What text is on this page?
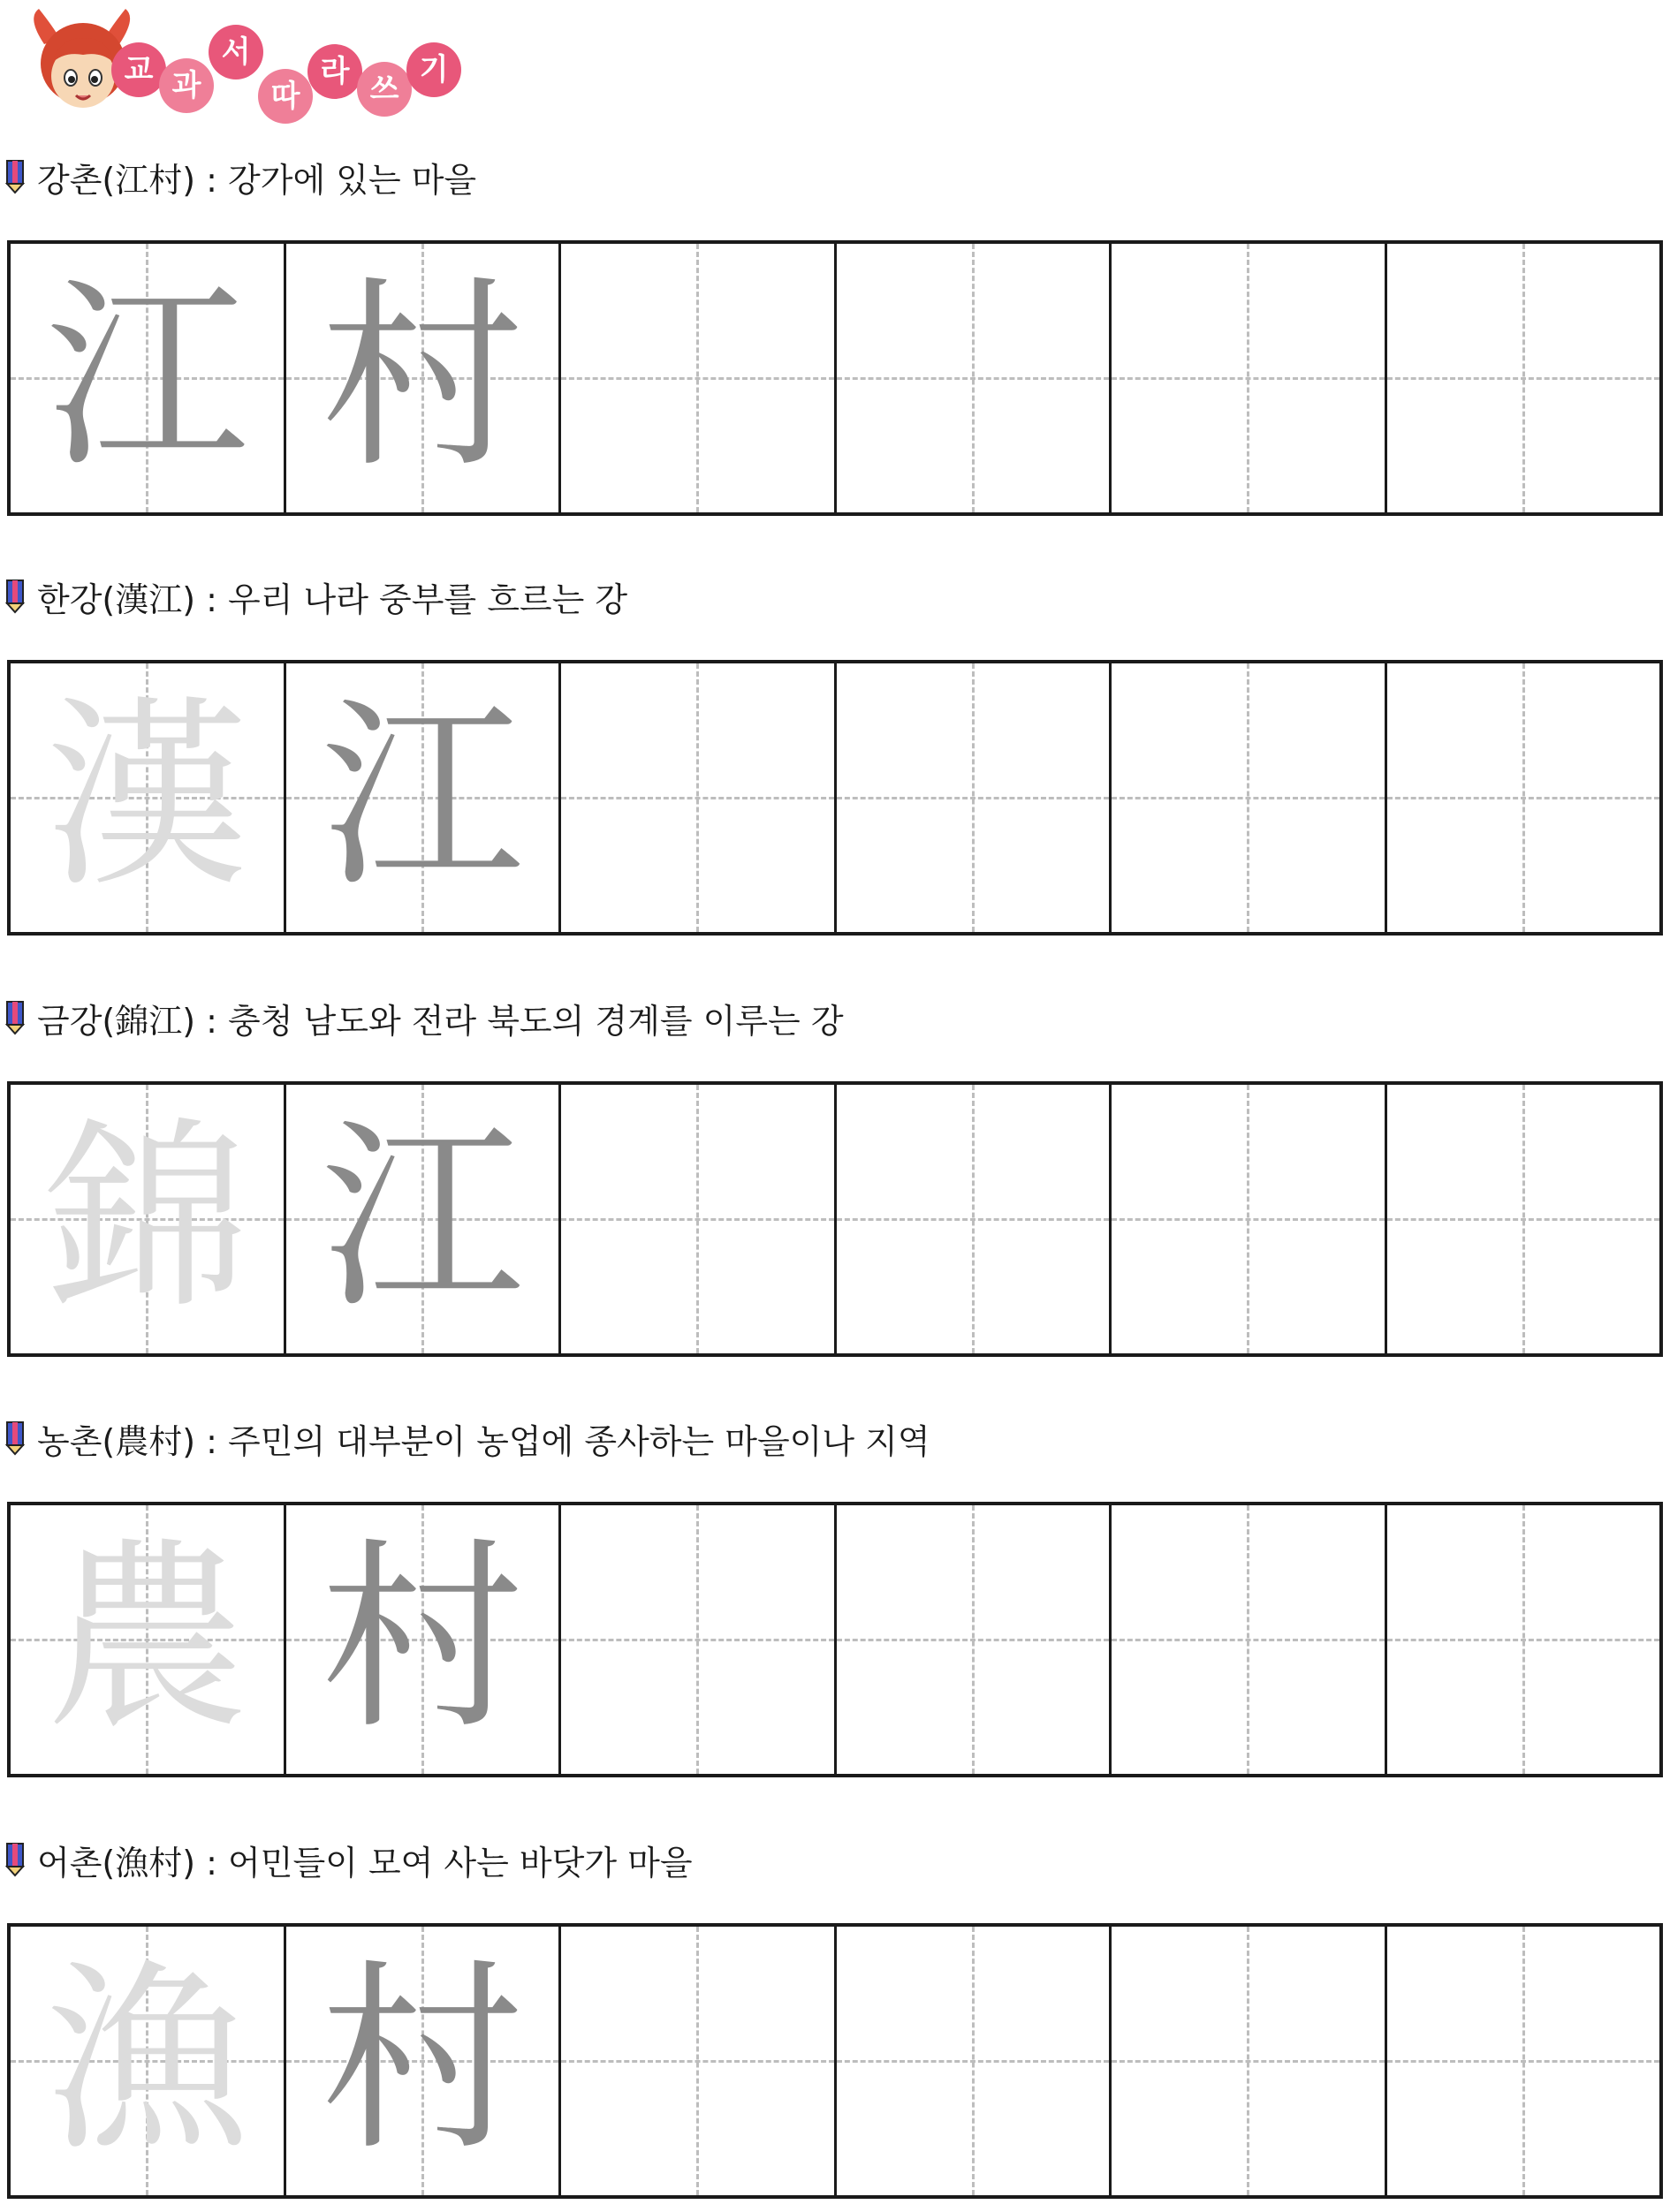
교 과
서
따
라 쓰
기
강촌(江村) : 강가에 있는 마을
江 村
한강(漢江) : 우리 나라 중부를 흐르는 강
漢 江
금강(錦江) : 충청 남도와 전라 북도의 경계를 이루는 강
錦 江
농촌(農村) : 주민의 대부분이 농업에 종사하는 마을이나 지역
農 村
어촌(漁村) : 어민들이 모여 사는 바닷가 마을
漁 村
